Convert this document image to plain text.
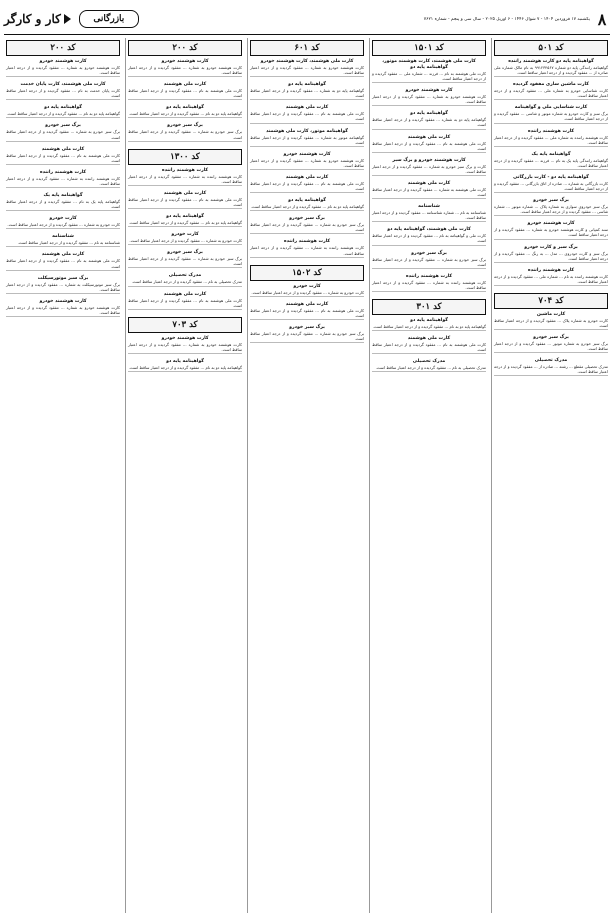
۸
یکشنبه ۱۷ فروردین ۱۴۰۴ - ۷ شوال ۱۴۴۶ - ۶ آوریل ۲۰۲۵ - سال سی و پنجم - شماره ۷۶۲۱
بازرگانی
کار و کارگر
کد ۵۰۱
گواهینامه پایه دو کارت هوشمند راننده
گواهینامه رانندگی پایه دو شماره ۹۹۱۲۳۴۵۶۷ به نام مالک شماره ملی صادره از ... مفقود گردیده و از درجه اعتبار ساقط است.
کارت ماشین سازی مفقود گردیده
کارت شناسایی خودرو به شماره ملی ... مفقود گردیده و از درجه اعتبار ساقط است.
کارت شناسایی ملی و گواهینامه
برگ سبز و کارت خودرو به شماره موتور و شاسی ... مفقود گردیده و از درجه اعتبار ساقط است.
کارت هوشمند راننده
کارت هوشمند راننده به شماره ملی ... مفقود گردیده و از درجه اعتبار ساقط است.
گواهینامه پایه یک
گواهینامه رانندگی پایه یک به نام ... فرزند ... مفقود گردیده و از درجه اعتبار ساقط است.
گواهینامه پایه دو - کارت بازرگانی
کارت بازرگانی به شماره ... صادره از اتاق بازرگانی ... مفقود گردیده و از درجه اعتبار ساقط است.
برگ سبز خودرو
برگ سبز خودروی سواری به شماره پلاک ... شماره موتور ... شماره شاسی ... مفقود گردیده و از درجه اعتبار ساقط است.
کارت هوشمند خودرو
سند کمپانی و کارت هوشمند خودرو به شماره ... مفقود گردیده و از درجه اعتبار ساقط است.
برگ سبز و کارت خودرو
برگ سبز و کارت خودروی ... مدل ... به رنگ ... مفقود گردیده و از درجه اعتبار ساقط است.
کارت هوشمند راننده
کارت هوشمند راننده به نام ... شماره ملی ... مفقود گردیده و از درجه اعتبار ساقط است.
کد ۷۰۴
کارت ماشین
کارت خودرو به شماره پلاک ... مفقود گردیده و از درجه اعتبار ساقط است.
برگ سبز خودرو
برگ سبز خودرو به شماره موتور ... مفقود گردیده و از درجه اعتبار ساقط است.
مدرک تحصیلی
مدرک تحصیلی مقطع ... رشته ... صادره از ... مفقود گردیده و از درجه اعتبار ساقط است.
کد ۱۵۰۱
کارت ملی هوشمند، کارت هوشمند موتور، گواهینامه پایه دو
کارت ملی هوشمند به نام ... فرزند ... شماره ملی ... مفقود گردیده و از درجه اعتبار ساقط است.
کارت هوشمند خودرو
کارت هوشمند خودرو به شماره ... مفقود گردیده و از درجه اعتبار ساقط است.
گواهینامه پایه دو
گواهینامه پایه دو به شماره ... مفقود گردیده و از درجه اعتبار ساقط است.
کارت ملی هوشمند
کارت ملی هوشمند به نام ... مفقود گردیده و از درجه اعتبار ساقط است.
کارت هوشمند خودرو و برگ سبز
کارت و برگ سبز خودرو به شماره ... مفقود گردیده و از درجه اعتبار ساقط است.
کارت ملی هوشمند
کارت ملی هوشمند به شماره ... مفقود گردیده و از درجه اعتبار ساقط است.
شناسنامه
شناسنامه به نام ... شماره شناسنامه ... مفقود گردیده و از درجه اعتبار ساقط است.
کارت ملی هوشمند، گواهینامه پایه دو
کارت ملی و گواهینامه به نام ... مفقود گردیده و از درجه اعتبار ساقط است.
برگ سبز خودرو
برگ سبز خودرو به شماره ... مفقود گردیده و از درجه اعتبار ساقط است.
کارت هوشمند راننده
کارت هوشمند راننده به شماره ... مفقود گردیده و از درجه اعتبار ساقط است.
کد ۳۰۱
گواهینامه پایه دو
گواهینامه پایه دو به نام ... مفقود گردیده و از درجه اعتبار ساقط است.
کارت ملی هوشمند
کارت ملی هوشمند به نام ... مفقود گردیده و از درجه اعتبار ساقط است.
مدرک تحصیلی
مدرک تحصیلی به نام ... مفقود گردیده و از درجه اعتبار ساقط است.
کد ۶۰۱
کارت ملی هوشمند، کارت هوشمند خودرو
کارت هوشمند خودرو به شماره ... مفقود گردیده و از درجه اعتبار ساقط است.
گواهینامه پایه دو
گواهینامه پایه دو به شماره ... مفقود گردیده و از درجه اعتبار ساقط است.
کارت ملی هوشمند
کارت ملی هوشمند به نام ... مفقود گردیده و از درجه اعتبار ساقط است.
گواهینامه موتور، کارت ملی هوشمند
گواهینامه موتور به شماره ... مفقود گردیده و از درجه اعتبار ساقط است.
کارت هوشمند خودرو
کارت هوشمند خودرو به شماره ... مفقود گردیده و از درجه اعتبار ساقط است.
کارت ملی هوشمند
کارت ملی هوشمند به نام ... مفقود گردیده و از درجه اعتبار ساقط است.
گواهینامه پایه دو
گواهینامه پایه دو به نام ... مفقود گردیده و از درجه اعتبار ساقط است.
برگ سبز خودرو
برگ سبز خودرو به شماره ... مفقود گردیده و از درجه اعتبار ساقط است.
کارت هوشمند راننده
کارت هوشمند راننده به شماره ... مفقود گردیده و از درجه اعتبار ساقط است.
کد ۱۵۰۲
کارت خودرو
کارت خودرو به شماره ... مفقود گردیده و از درجه اعتبار ساقط است.
کارت ملی هوشمند
کارت ملی هوشمند به نام ... مفقود گردیده و از درجه اعتبار ساقط است.
برگ سبز خودرو
برگ سبز خودرو به شماره ... مفقود گردیده و از درجه اعتبار ساقط است.
کد ۲۰۰
کارت هوشمند خودرو
کارت هوشمند خودرو به شماره ... مفقود گردیده و از درجه اعتبار ساقط است.
کارت ملی هوشمند
کارت ملی هوشمند به نام ... مفقود گردیده و از درجه اعتبار ساقط است.
گواهینامه پایه دو
گواهینامه پایه دو به نام ... مفقود گردیده و از درجه اعتبار ساقط است.
برگ سبز خودرو
برگ سبز خودرو به شماره ... مفقود گردیده و از درجه اعتبار ساقط است.
کد ۱۳۰۰
کارت هوشمند راننده
کارت هوشمند راننده به شماره ... مفقود گردیده و از درجه اعتبار ساقط است.
کارت ملی هوشمند
کارت ملی هوشمند به نام ... مفقود گردیده و از درجه اعتبار ساقط است.
گواهینامه پایه دو
گواهینامه پایه دو به نام ... مفقود گردیده و از درجه اعتبار ساقط است.
کارت خودرو
کارت خودرو به شماره ... مفقود گردیده و از درجه اعتبار ساقط است.
برگ سبز خودرو
برگ سبز خودرو به شماره ... مفقود گردیده و از درجه اعتبار ساقط است.
مدرک تحصیلی
مدرک تحصیلی به نام ... مفقود گردیده و از درجه اعتبار ساقط است.
کارت ملی هوشمند
کارت ملی هوشمند به نام ... مفقود گردیده و از درجه اعتبار ساقط است.
کد ۷۰۳
کارت هوشمند خودرو
کارت هوشمند خودرو به شماره ... مفقود گردیده و از درجه اعتبار ساقط است.
گواهینامه پایه دو
گواهینامه پایه دو به نام ... مفقود گردیده و از درجه اعتبار ساقط است.
کد ۲۰۰
کارت هوشمند خودرو
کارت هوشمند خودرو به شماره ... مفقود گردیده و از درجه اعتبار ساقط است.
کارت ملی هوشمند، کارت پایان خدمت
کارت پایان خدمت به نام ... مفقود گردیده و از درجه اعتبار ساقط است.
گواهینامه پایه دو
گواهینامه پایه دو به نام ... مفقود گردیده و از درجه اعتبار ساقط است.
برگ سبز خودرو
برگ سبز خودرو به شماره ... مفقود گردیده و از درجه اعتبار ساقط است.
کارت ملی هوشمند
کارت ملی هوشمند به نام ... مفقود گردیده و از درجه اعتبار ساقط است.
کارت هوشمند راننده
کارت هوشمند راننده به شماره ... مفقود گردیده و از درجه اعتبار ساقط است.
گواهینامه پایه یک
گواهینامه پایه یک به نام ... مفقود گردیده و از درجه اعتبار ساقط است.
کارت خودرو
کارت خودرو به شماره ... مفقود گردیده و از درجه اعتبار ساقط است.
شناسنامه
شناسنامه به نام ... مفقود گردیده و از درجه اعتبار ساقط است.
کارت ملی هوشمند
کارت ملی هوشمند به نام ... مفقود گردیده و از درجه اعتبار ساقط است.
برگ سبز موتورسیکلت
برگ سبز موتورسیکلت به شماره ... مفقود گردیده و از درجه اعتبار ساقط است.
کارت هوشمند خودرو
کارت هوشمند خودرو به شماره ... مفقود گردیده و از درجه اعتبار ساقط است.
